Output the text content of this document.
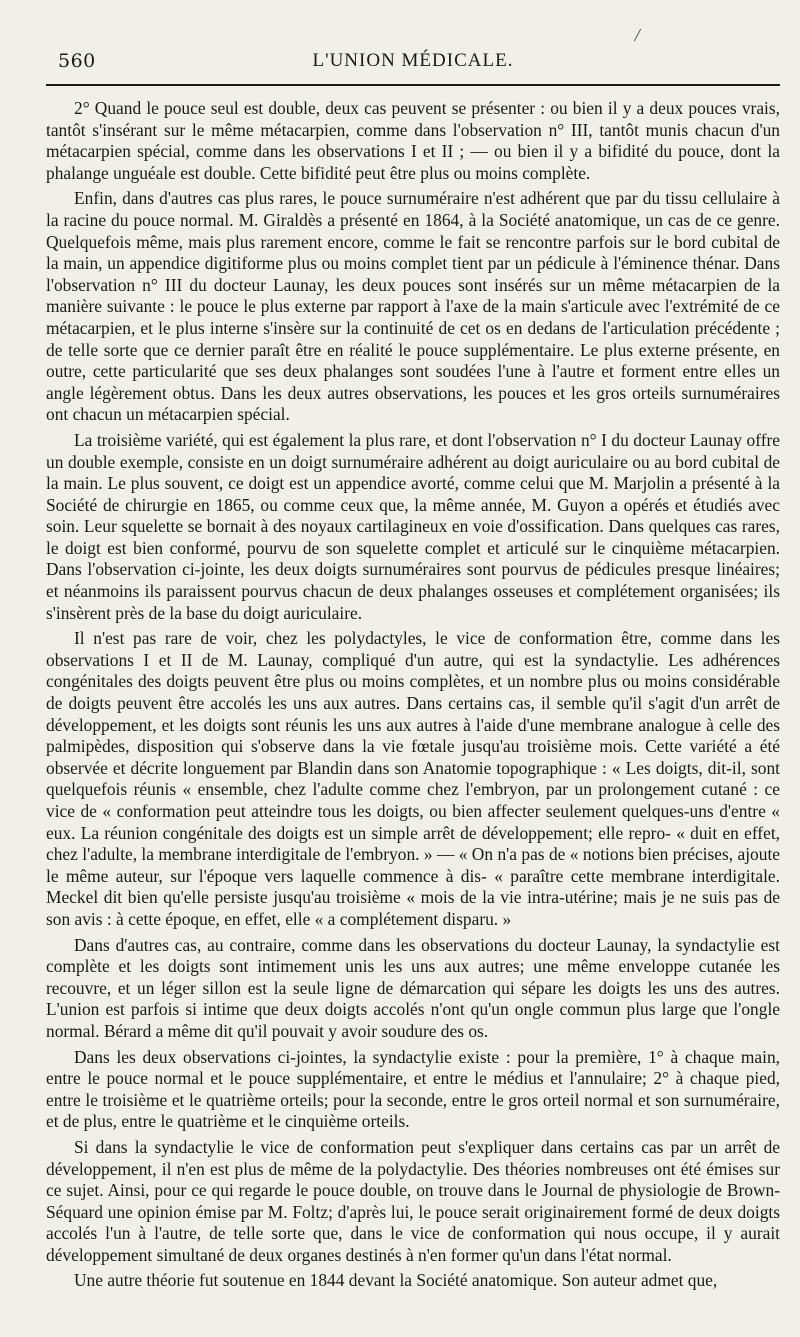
560	L'UNION MÉDICALE.

2° Quand le pouce seul est double, deux cas peuvent se présenter : ou bien il y a deux pouces vrais, tantôt s'insérant sur le même métacarpien, comme dans l'observation n° III, tantôt munis chacun d'un métacarpien spécial, comme dans les observations I et II ; — ou bien il y a bifidité du pouce, dont la phalange unguéale est double. Cette bifidité peut être plus ou moins complète.

Enfin, dans d'autres cas plus rares, le pouce surnuméraire n'est adhérent que par du tissu cellulaire à la racine du pouce normal. M. Giraldès a présenté en 1864, à la Société anatomique, un cas de ce genre. Quelquefois même, mais plus rarement encore, comme le fait se rencontre parfois sur le bord cubital de la main, un appendice digitiforme plus ou moins complet tient par un pédicule à l'éminence thénar. Dans l'observation n° III du docteur Launay, les deux pouces sont insérés sur un même métacarpien de la manière suivante : le pouce le plus externe par rapport à l'axe de la main s'articule avec l'extrémité de ce métacarpien, et le plus interne s'insère sur la continuité de cet os en dedans de l'articulation précédente ; de telle sorte que ce dernier paraît être en réalité le pouce supplémentaire. Le plus externe présente, en outre, cette particularité que ses deux phalanges sont soudées l'une à l'autre et forment entre elles un angle légèrement obtus. Dans les deux autres observations, les pouces et les gros orteils surnuméraires ont chacun un métacarpien spécial.

La troisième variété, qui est également la plus rare, et dont l'observation n° I du docteur Launay offre un double exemple, consiste en un doigt surnuméraire adhérent au doigt auriculaire ou au bord cubital de la main. Le plus souvent, ce doigt est un appendice avorté, comme celui que M. Marjolin a présenté à la Société de chirurgie en 1865, ou comme ceux que, la même année, M. Guyon a opérés et étudiés avec soin. Leur squelette se bornait à des noyaux cartilagineux en voie d'ossification. Dans quelques cas rares, le doigt est bien conformé, pourvu de son squelette complet et articulé sur le cinquième métacarpien. Dans l'observation ci-jointe, les deux doigts surnuméraires sont pourvus de pédicules presque linéaires; et néanmoins ils paraissent pourvus chacun de deux phalanges osseuses et complétement organisées; ils s'insèrent près de la base du doigt auriculaire.

Il n'est pas rare de voir, chez les polydactyles, le vice de conformation être, comme dans les observations I et II de M. Launay, compliqué d'un autre, qui est la syndactylie. Les adhérences congénitales des doigts peuvent être plus ou moins complètes, et un nombre plus ou moins considérable de doigts peuvent être accolés les uns aux autres. Dans certains cas, il semble qu'il s'agit d'un arrêt de développement, et les doigts sont réunis les uns aux autres à l'aide d'une membrane analogue à celle des palmipèdes, disposition qui s'observe dans la vie fœtale jusqu'au troisième mois. Cette variété a été observée et décrite longuement par Blandin dans son Anatomie topographique : « Les doigts, dit-il, sont quelquefois réunis « ensemble, chez l'adulte comme chez l'embryon, par un prolongement cutané : ce vice de « conformation peut atteindre tous les doigts, ou bien affecter seulement quelques-uns d'entre « eux. La réunion congénitale des doigts est un simple arrêt de développement; elle repro- « duit en effet, chez l'adulte, la membrane interdigitale de l'embryon. » — « On n'a pas de « notions bien précises, ajoute le même auteur, sur l'époque vers laquelle commence à dis- « paraître cette membrane interdigitale. Meckel dit bien qu'elle persiste jusqu'au troisième « mois de la vie intra-utérine; mais je ne suis pas de son avis : à cette époque, en effet, elle « a complétement disparu. »

Dans d'autres cas, au contraire, comme dans les observations du docteur Launay, la syndactylie est complète et les doigts sont intimement unis les uns aux autres; une même enveloppe cutanée les recouvre, et un léger sillon est la seule ligne de démarcation qui sépare les doigts les uns des autres. L'union est parfois si intime que deux doigts accolés n'ont qu'un ongle commun plus large que l'ongle normal. Bérard a même dit qu'il pouvait y avoir soudure des os.

Dans les deux observations ci-jointes, la syndactylie existe : pour la première, 1° à chaque main, entre le pouce normal et le pouce supplémentaire, et entre le médius et l'annulaire; 2° à chaque pied, entre le troisième et le quatrième orteils; pour la seconde, entre le gros orteil normal et son surnuméraire, et de plus, entre le quatrième et le cinquième orteils.

Si dans la syndactylie le vice de conformation peut s'expliquer dans certains cas par un arrêt de développement, il n'en est plus de même de la polydactylie. Des théories nombreuses ont été émises sur ce sujet. Ainsi, pour ce qui regarde le pouce double, on trouve dans le Journal de physiologie de Brown-Séquard une opinion émise par M. Foltz; d'après lui, le pouce serait originairement formé de deux doigts accolés l'un à l'autre, de telle sorte que, dans le vice de conformation qui nous occupe, il y aurait développement simultané de deux organes destinés à n'en former qu'un dans l'état normal.

Une autre théorie fut soutenue en 1844 devant la Société anatomique. Son auteur admet que,
